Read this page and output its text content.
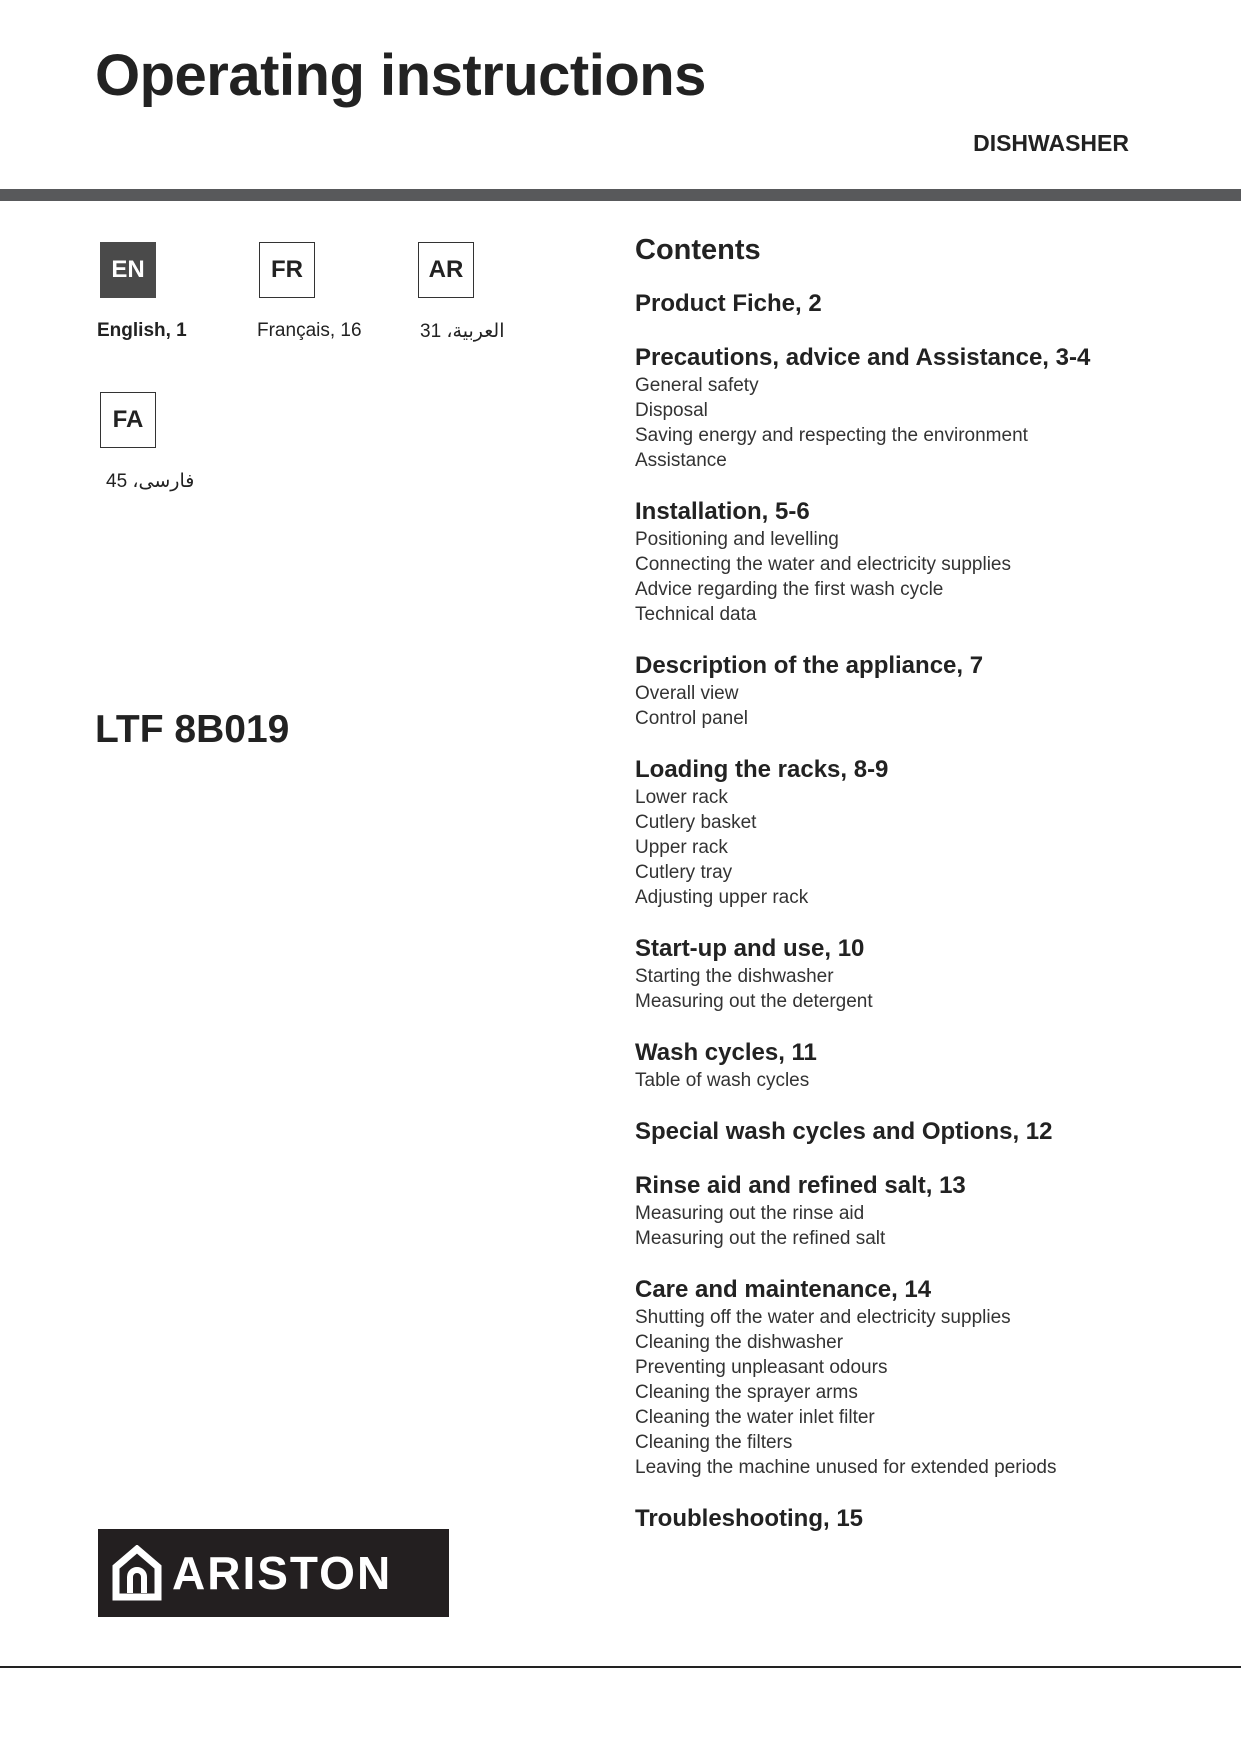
Operating instructions
DISHWASHER
EN
English, 1
FR
Français, 16
AR
العربية، 31
FA
فارسی، 45
LTF 8B019
ARISTON
Contents
Product Fiche, 2
Precautions, advice and Assistance, 3-4
General safety
Disposal
Saving energy and respecting the environment
Assistance
Installation, 5-6
Positioning and levelling
Connecting the water and electricity supplies
Advice regarding the first wash cycle
Technical data
Description of the appliance, 7
Overall view
Control panel
Loading the racks, 8-9
Lower rack
Cutlery basket
Upper rack
Cutlery tray
Adjusting upper rack
Start-up and use, 10
Starting the dishwasher
Measuring out the detergent
Wash cycles, 11
Table of wash cycles
Special wash cycles and Options, 12
Rinse aid and refined salt, 13
Measuring out the rinse aid
Measuring out the refined salt
Care and maintenance, 14
Shutting off the water and electricity supplies
Cleaning the dishwasher
Preventing unpleasant odours
Cleaning the sprayer arms
Cleaning the water inlet filter
Cleaning the filters
Leaving the machine unused for extended periods
Troubleshooting, 15
